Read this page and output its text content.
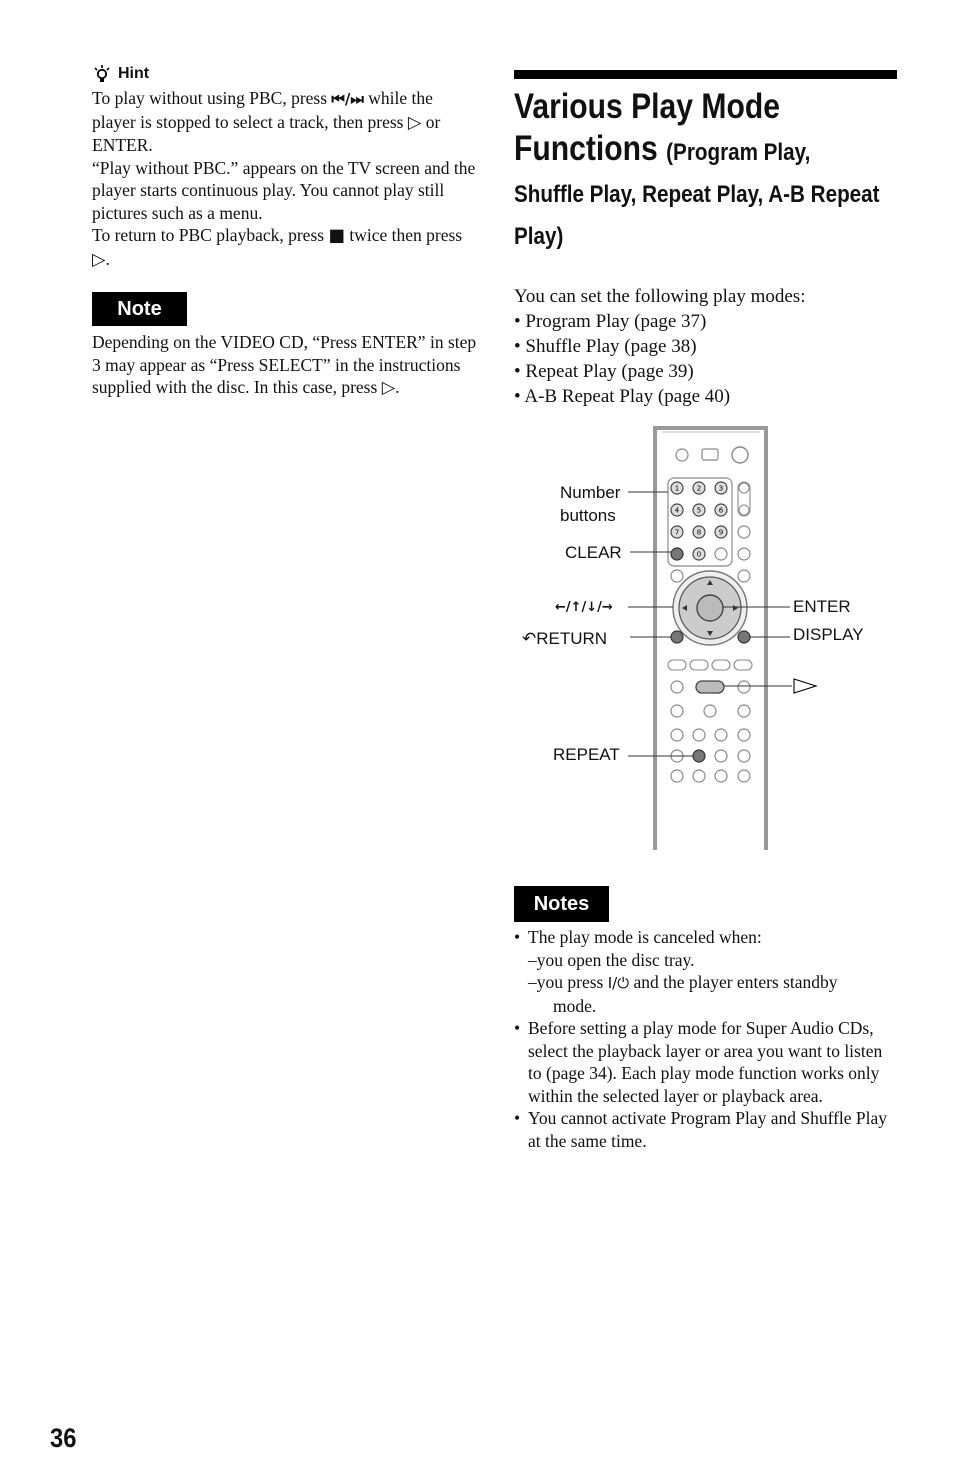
Hint

To play without using PBC, press ⏮/⏭ while the player is stopped to select a track, then press ▷ or ENTER.

“Play without PBC.” appears on the TV screen and the player starts continuous play. You cannot play still pictures such as a menu.

To return to PBC playback, press ■ twice then press ▷.

Note
Depending on the VIDEO CD, “Press ENTER” in step 3 may appear as “Press SELECT” in the instructions supplied with the disc. In this case, press ▷.
Various Play Mode
Functions (Program Play,
Shuffle Play, Repeat Play, A-B Repeat
Play)
You can set the following play modes:
• Program Play (page 37)
• Shuffle Play (page 38)
• Repeat Play (page 39)
• A-B Repeat Play (page 40)
1	2	3
4	5	6
7	8	9
0
Number
buttons
CLEAR
←/↑/↓/→
↶RETURN
REPEAT
ENTER
DISPLAY
Notes
• The play mode is canceled when:
–you open the disc tray.
–you press I/⏻ and the player enters standby
mode.
• Before setting a play mode for Super Audio CDs, select the playback layer or area you want to listen to (page 34). Each play mode function works only within the selected layer or playback area.
• You cannot activate Program Play and Shuffle Play at the same time.
36
